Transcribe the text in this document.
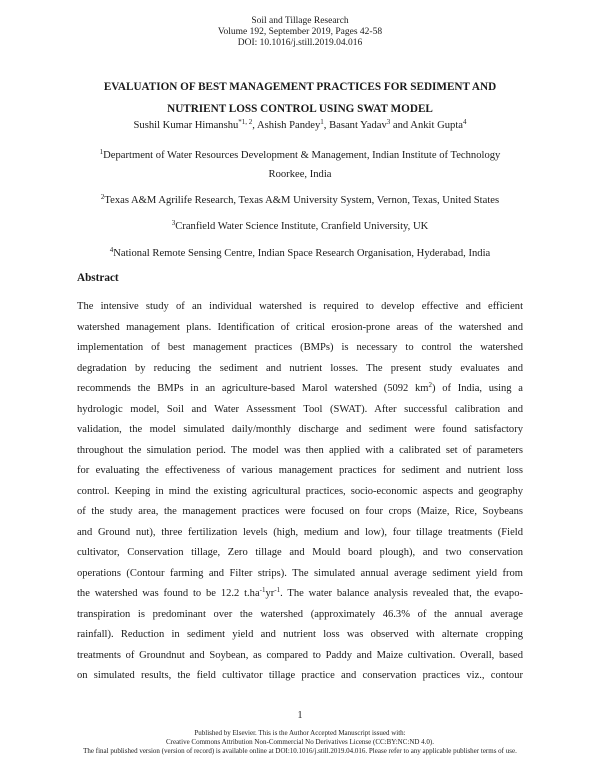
Soil and Tillage Research
Volume 192, September 2019, Pages 42-58
DOI: 10.1016/j.still.2019.04.016
EVALUATION OF BEST MANAGEMENT PRACTICES FOR SEDIMENT AND
NUTRIENT LOSS CONTROL USING SWAT MODEL
Sushil Kumar Himanshu$^{*1, 2}$, Ashish Pandey$^1$, Basant Yadav$^3$ and Ankit Gupta$^4$
$^1$Department of Water Resources Development & Management, Indian Institute of Technology
Roorkee, India
$^2$Texas A&M Agrilife Research, Texas A&M University System, Vernon, Texas, United States
$^3$Cranfield Water Science Institute, Cranfield University, UK
$^4$National Remote Sensing Centre, Indian Space Research Organisation, Hyderabad, India
Abstract
The intensive study of an individual watershed is required to develop effective and efficient
watershed management plans. Identification of critical erosion-prone areas of the watershed and
implementation of best management practices (BMPs) is necessary to control the watershed
degradation by reducing the sediment and nutrient losses. The present study evaluates and
recommends the BMPs in an agriculture-based Marol watershed (5092 $km^2$) of India, using a
hydrologic model, Soil and Water Assessment Tool (SWAT). After successful calibration and
validation, the model simulated daily/monthly discharge and sediment were found satisfactory
throughout the simulation period. The model was then applied with a calibrated set of parameters
for evaluating the effectiveness of various management practices for sediment and nutrient loss
control. Keeping in mind the existing agricultural practices, socio-economic aspects and geography
of the study area, the management practices were focused on four crops (Maize, Rice, Soybeans
and Ground nut), three fertilization levels (high, medium and low), four tillage treatments (Field
cultivator, Conservation tillage, Zero tillage and Mould board plough), and two conservation
operations (Contour farming and Filter strips). The simulated annual average sediment yield from
the watershed was found to be 12.2 $t.ha^{-1}yr^{-1}$. The water balance analysis revealed that, the evapo-
transpiration is predominant over the watershed (approximately 46.3% of the annual average
rainfall). Reduction in sediment yield and nutrient loss was observed with alternate cropping
treatments of Groundnut and Soybean, as compared to Paddy and Maize cultivation. Overall, based
on simulated results, the field cultivator tillage practice and conservation practices viz., contour
1
Published by Elsevier. This is the Author Accepted Manuscript issued with:
Creative Commons Attribution Non-Commercial No Derivatives License (CC:BY:NC:ND 4.0).
The final published version (version of record) is available online at DOI:10.1016/j.still.2019.04.016. Please refer to any applicable publisher terms of use.
